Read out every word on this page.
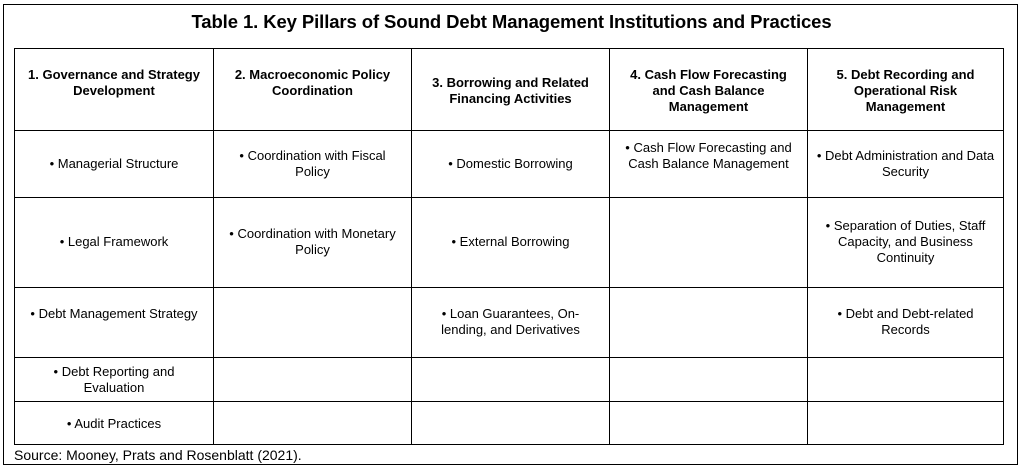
Table 1. Key Pillars of Sound Debt Management Institutions and Practices
1. Governance and Strategy Development	2. Macroeconomic Policy Coordination	3. Borrowing and Related Financing Activities	4. Cash Flow Forecasting and Cash Balance Management	5. Debt Recording and Operational Risk Management
• Managerial Structure	• Coordination with Fiscal Policy	• Domestic Borrowing	• Cash Flow Forecasting and Cash Balance Management	• Debt Administration and Data Security
• Legal Framework	• Coordination with Monetary Policy	• External Borrowing		• Separation of Duties, Staff Capacity, and Business Continuity
• Debt Management Strategy		• Loan Guarantees, On-lending, and Derivatives		• Debt and Debt-related Records
• Debt Reporting and Evaluation				
• Audit Practices				
Source: Mooney, Prats and Rosenblatt (2021).
